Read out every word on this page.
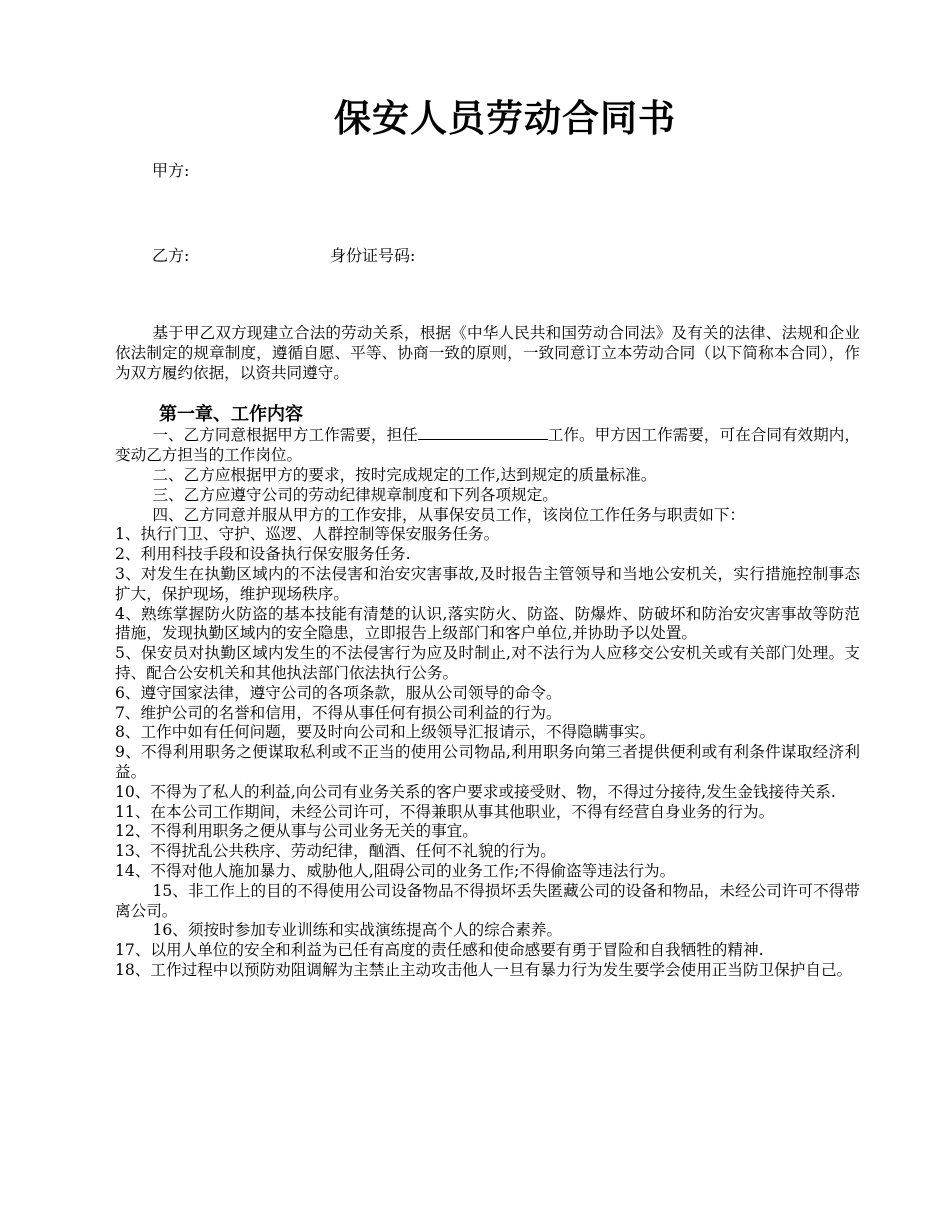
保安人员劳动合同书
甲方:
乙方:	身份证号码:

基于甲乙双方现建立合法的劳动关系，根据《中华人民共和国劳动合同法》及有关的法律、法规和企业依法制定的规章制度，遵循自愿、平等、协商一致的原则，一致同意订立本劳动合同（以下简称本合同），作为双方履约依据，以资共同遵守。

第一章、工作内容

一、乙方同意根据甲方工作需要，担任	工作。甲方因工作需要，可在合同有效期内，变动乙方担当的工作岗位。

二、乙方应根据甲方的要求，按时完成规定的工作,达到规定的质量标准。

三、乙方应遵守公司的劳动纪律规章制度和下列各项规定。

四、乙方同意并服从甲方的工作安排，从事保安员工作，该岗位工作任务与职责如下：

1、执行门卫、守护、巡逻、人群控制等保安服务任务。

2、利用科技手段和设备执行保安服务任务.

3、对发生在执勤区域内的不法侵害和治安灾害事故,及时报告主管领导和当地公安机关，实行措施控制事态扩大，保护现场，维护现场秩序。

4、熟练掌握防火防盗的基本技能有清楚的认识,落实防火、防盗、防爆炸、防破坏和防治安灾害事故等防范措施，发现执勤区域内的安全隐患，立即报告上级部门和客户单位,并协助予以处置。

5、保安员对执勤区域内发生的不法侵害行为应及时制止,对不法行为人应移交公安机关或有关部门处理。支持、配合公安机关和其他执法部门依法执行公务。

6、遵守国家法律，遵守公司的各项条款，服从公司领导的命令。

7、维护公司的名誉和信用，不得从事任何有损公司利益的行为。

8、工作中如有任何问题，要及时向公司和上级领导汇报请示，不得隐瞒事实。

9、不得利用职务之便谋取私利或不正当的使用公司物品,利用职务向第三者提供便利或有利条件谋取经济利益。

10、不得为了私人的利益,向公司有业务关系的客户要求或接受财、物，不得过分接待,发生金钱接待关系.

11、在本公司工作期间，未经公司许可，不得兼职从事其他职业，不得有经营自身业务的行为。

12、不得利用职务之便从事与公司业务无关的事宜。

13、不得扰乱公共秩序、劳动纪律，酗酒、任何不礼貌的行为。

14、不得对他人施加暴力、威胁他人,阻碍公司的业务工作;不得偷盗等违法行为。

15、非工作上的目的不得使用公司设备物品不得损坏丢失匿藏公司的设备和物品，未经公司许可不得带离公司。

16、须按时参加专业训练和实战演练提高个人的综合素养。

17、以用人单位的安全和利益为已任有高度的责任感和使命感要有勇于冒险和自我牺牲的精神.

18、工作过程中以预防劝阻调解为主禁止主动攻击他人一旦有暴力行为发生要学会使用正当防卫保护自己。
